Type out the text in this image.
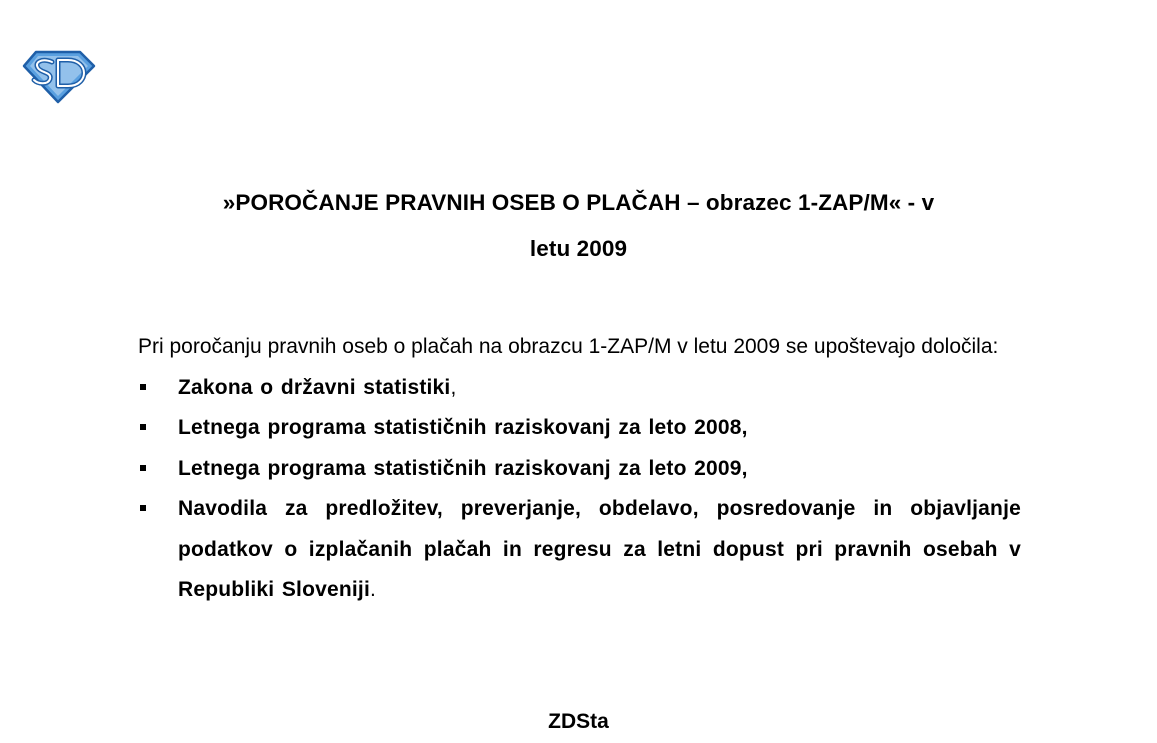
»POROČANJE PRAVNIH OSEB O PLAČAH – obrazec 1-ZAP/M« - v
letu 2009

Pri poročanju pravnih oseb o plačah na obrazcu 1-ZAP/M v letu 2009 se upoštevajo določila:

Zakona o državni statistiki,
Letnega programa statističnih raziskovanj za leto 2008,
Letnega programa statističnih raziskovanj za leto 2009,
Navodila za predložitev, preverjanje, obdelavo, posredovanje in objavljanje podatkov o izplačanih plačah in regresu za letni dopust pri pravnih osebah v Republiki Sloveniji.
ZDSta
